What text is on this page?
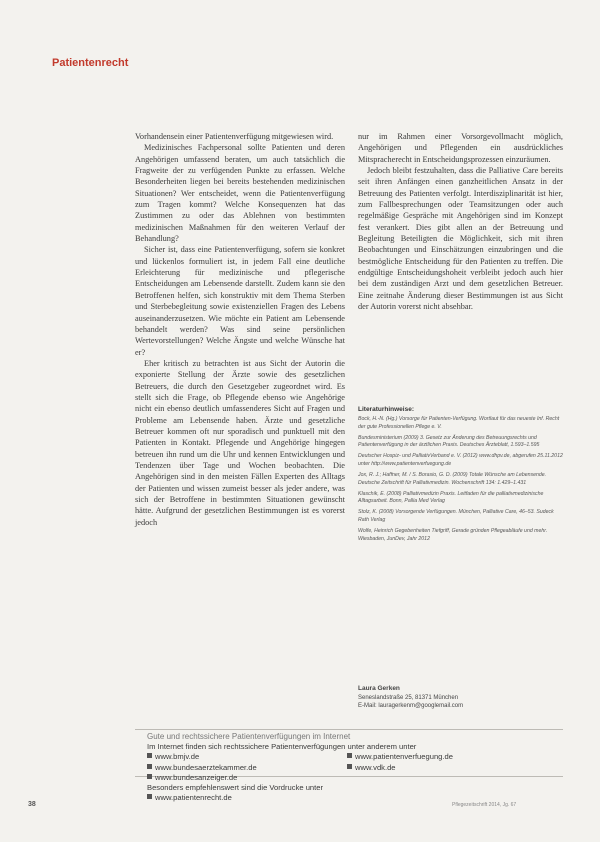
Patientenrecht

Vorhandensein einer Patientenverfügung mitgewiesen wird.

Medizinisches Fachpersonal sollte Patienten und deren Angehörigen umfassend beraten, um auch tatsächlich die Fragweite der zu verfügenden Punkte zu erfassen. Welche Besonderheiten liegen bei bereits bestehenden medizinischen Situationen? Wer entscheidet, wenn die Patientenverfügung zum Tragen kommt? Welche Konsequenzen hat das Zustimmen zu oder das Ablehnen von bestimmten medizinischen Maßnahmen für den weiteren Verlauf der Behandlung?

Sicher ist, dass eine Patientenverfügung, sofern sie konkret und lückenlos formuliert ist, in jedem Fall eine deutliche Erleichterung für medizinische und pflegerische Entscheidungen am Lebensende darstellt. Zudem kann sie den Betroffenen helfen, sich konstruktiv mit dem Thema Sterben und Sterbebegleitung sowie existenziellen Fragen des Lebens auseinanderzusetzen. Wie möchte ein Patient am Lebensende behandelt werden? Was sind seine persönlichen Wertevorstellungen? Welche Ängste und welche Wünsche hat er?

Eher kritisch zu betrachten ist aus Sicht der Autorin die exponierte Stellung der Ärzte sowie des gesetzlichen Betreuers, die durch den Gesetzgeber zugeordnet wird. Es stellt sich die Frage, ob Pflegende ebenso wie Angehörige nicht ein ebenso deutlich umfassenderes Sicht auf Fragen und Probleme am Lebensende haben. Ärzte und gesetzliche Betreuer kommen oft nur sporadisch und punktuell mit den Patienten in Kontakt. Pflegende und Angehörige hingegen betreuen ihn rund um die Uhr und kennen Entwicklungen und Tendenzen über Tage und Wochen beobachten. Die Angehörigen sind in den meisten Fällen Experten des Alltags der Patienten und wissen zumeist besser als jeder andere, was sich der Betroffene in bestimmten Situationen gewünscht hätte. Aufgrund der gesetzlichen Bestimmungen ist es vorerst jedoch

nur im Rahmen einer Vorsorgevollmacht möglich, Angehörigen und Pflegenden ein ausdrückliches Mitspracherecht in Entscheidungsprozessen einzuräumen.

Jedoch bleibt festzuhalten, dass die Palliative Care bereits seit ihren Anfängen einen ganzheitlichen Ansatz in der Betreuung des Patienten verfolgt. Interdisziplinarität ist hier, zum Fallbesprechungen oder Teamsitzungen oder auch regelmäßige Gespräche mit Angehörigen sind im Konzept fest verankert. Dies gibt allen an der Betreuung und Begleitung Beteiligten die Möglichkeit, sich mit ihren Beobachtungen und Einschätzungen einzubringen und die bestmögliche Entscheidung für den Patienten zu treffen. Die endgültige Entscheidungshoheit verbleibt jedoch auch hier bei dem zuständigen Arzt und dem gesetzlichen Betreuer. Eine zeitnahe Änderung dieser Bestimmungen ist aus Sicht der Autorin vorerst nicht absehbar.

Literaturhinweise:
Bock, H.-N. (Hg.) Vorsorge für Patienten-Verfügung. Wortlaut für das neueste Inf. Recht der gute Professionellen Pflege e. V.
Bundesministerium (2009) 3. Gesetz zur Änderung des Betreuungsrechts und Patientenverfügung in der ärztlichen Praxis. Deutsches Ärzteblatt, 1.593–1.595
Deutscher Hospiz- und PalliativVerband e. V. (2012) www.dhpv.de, abgerufen 25.11.2012 unter http://www.patientenverfuegung.de
Jox, R. J.; Haffner, M. / S. Borasio, G. D. (2009) Totale Wünsche am Lebensende. Deutsche Zeitschrift für Palliativmedizin. Wochenschrift 134: 1.429–1.431
Klaschik, E. (2008) Palliativmedizin Praxis. Leitfaden für die palliativmedizinische Alltagsarbeit. Bonn, Pallia Med Verlag
Stolz, K. (2008) Vorsorgende Verfügungen. München, Palliative Care, 46–53. Sudeck Rath Verlag
Wolfe, Heinrich Gegebenheiten Tiefgriff, Gerade gründen Pflegeabläufe und mehr. Wiesbaden, JunDev, Jahr 2012
Laura Gerken
Seneslandstraße 25, 81371 München
E-Mail: lauragerkenm@googlemail.com
Gute und rechtssichere Patientenverfügungen im Internet
Im Internet finden sich rechtssichere Patientenverfügungen unter anderem unter
www.bmjv.de	www.patientenverfuegung.de
www.bundesaerztekammer.de	www.vdk.de
www.bundesanzeiger.de
Besonders empfehlenswert sind die Vordrucke unter
www.patientenrecht.de
38	Pflegezeitschrift 2014, Jg. 67
